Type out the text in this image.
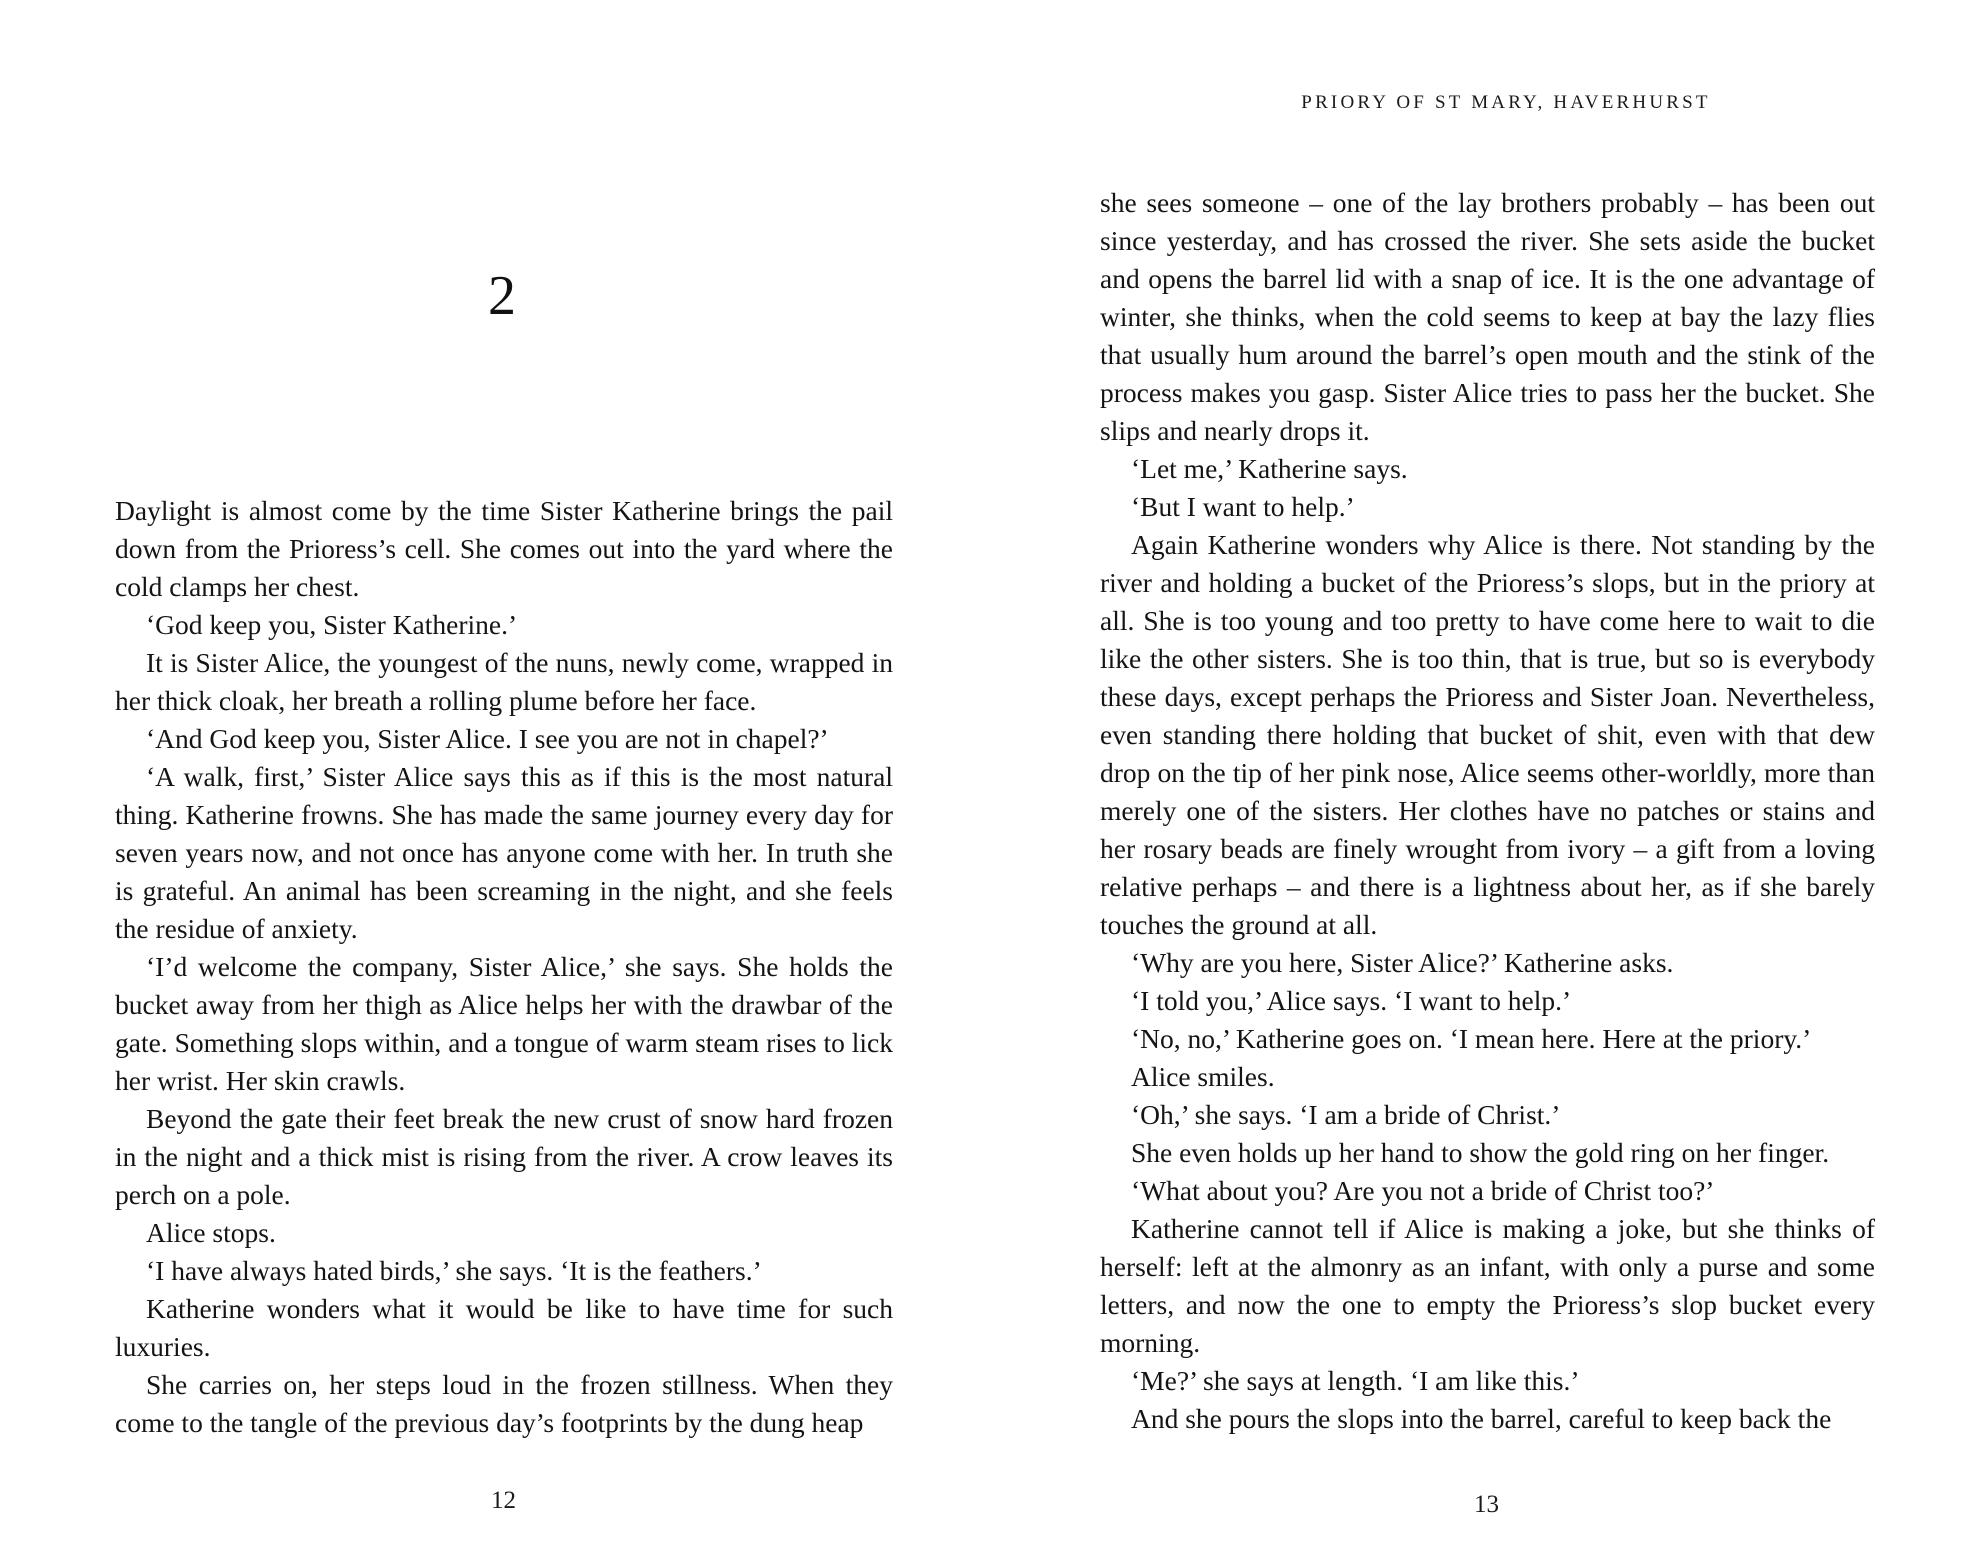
2

Daylight is almost come by the time Sister Katherine brings the pail down from the Prioress’s cell. She comes out into the yard where the cold clamps her chest.

‘God keep you, Sister Katherine.’

It is Sister Alice, the youngest of the nuns, newly come, wrapped in her thick cloak, her breath a rolling plume before her face.

‘And God keep you, Sister Alice. I see you are not in chapel?’

‘A walk, first,’ Sister Alice says this as if this is the most natural thing. Katherine frowns. She has made the same journey every day for seven years now, and not once has anyone come with her. In truth she is grateful. An animal has been screaming in the night, and she feels the residue of anxiety.

‘I’d welcome the company, Sister Alice,’ she says. She holds the bucket away from her thigh as Alice helps her with the drawbar of the gate. Something slops within, and a tongue of warm steam rises to lick her wrist. Her skin crawls.

Beyond the gate their feet break the new crust of snow hard frozen in the night and a thick mist is rising from the river. A crow leaves its perch on a pole.

Alice stops.

‘I have always hated birds,’ she says. ‘It is the feathers.’

Katherine wonders what it would be like to have time for such luxuries.

She carries on, her steps loud in the frozen stillness. When they come to the tangle of the previous day’s footprints by the dung heap

12
PRIORY OF ST MARY, HAVERHURST

she sees someone – one of the lay brothers probably – has been out since yesterday, and has crossed the river. She sets aside the bucket and opens the barrel lid with a snap of ice. It is the one advantage of winter, she thinks, when the cold seems to keep at bay the lazy flies that usually hum around the barrel’s open mouth and the stink of the process makes you gasp. Sister Alice tries to pass her the bucket. She slips and nearly drops it.

‘Let me,’ Katherine says.

‘But I want to help.’

Again Katherine wonders why Alice is there. Not standing by the river and holding a bucket of the Prioress’s slops, but in the priory at all. She is too young and too pretty to have come here to wait to die like the other sisters. She is too thin, that is true, but so is everybody these days, except perhaps the Prioress and Sister Joan. Nevertheless, even standing there holding that bucket of shit, even with that dew drop on the tip of her pink nose, Alice seems other-worldly, more than merely one of the sisters. Her clothes have no patches or stains and her rosary beads are finely wrought from ivory – a gift from a loving relative perhaps – and there is a lightness about her, as if she barely touches the ground at all.

‘Why are you here, Sister Alice?’ Katherine asks.

‘I told you,’ Alice says. ‘I want to help.’

‘No, no,’ Katherine goes on. ‘I mean here. Here at the priory.’

Alice smiles.

‘Oh,’ she says. ‘I am a bride of Christ.’

She even holds up her hand to show the gold ring on her finger.

‘What about you? Are you not a bride of Christ too?’

Katherine cannot tell if Alice is making a joke, but she thinks of herself: left at the almonry as an infant, with only a purse and some letters, and now the one to empty the Prioress’s slop bucket every morning.

‘Me?’ she says at length. ‘I am like this.’

And she pours the slops into the barrel, careful to keep back the

13
